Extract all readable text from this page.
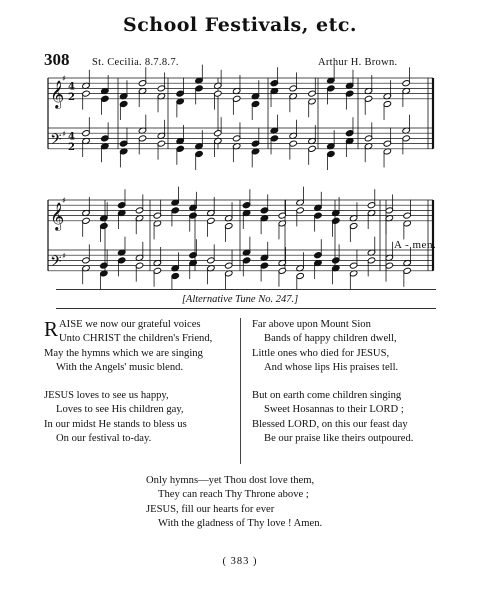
School Festivals, etc.
308 St. Cecilia. 8.7.8.7.	Arthur H. Brown.
𝄞 4
2
♯
𝄢 4
2
♯
𝄞
♯
𝄢 ♯
A - men.
[Alternative Tune No. 247.]
RAISE we now our grateful voices
Unto CHRIST the children's Friend,
May the hymns which we are singing
With the Angels' music blend.
JESUS loves to see us happy,
Loves to see His children gay,
In our midst He stands to bless us
On our festival to-day.
Far above upon Mount Sion
Bands of happy children dwell,
Little ones who died for JESUS,
And whose lips His praises tell.
But on earth come children singing
Sweet Hosannas to their LORD ;
Blessed LORD, on this our feast day
Be our praise like theirs outpoured.
Only hymns—yet Thou dost love them,
They can reach Thy Throne above ;
JESUS, fill our hearts for ever
With the gladness of Thy love ! Amen.
( 383 )
